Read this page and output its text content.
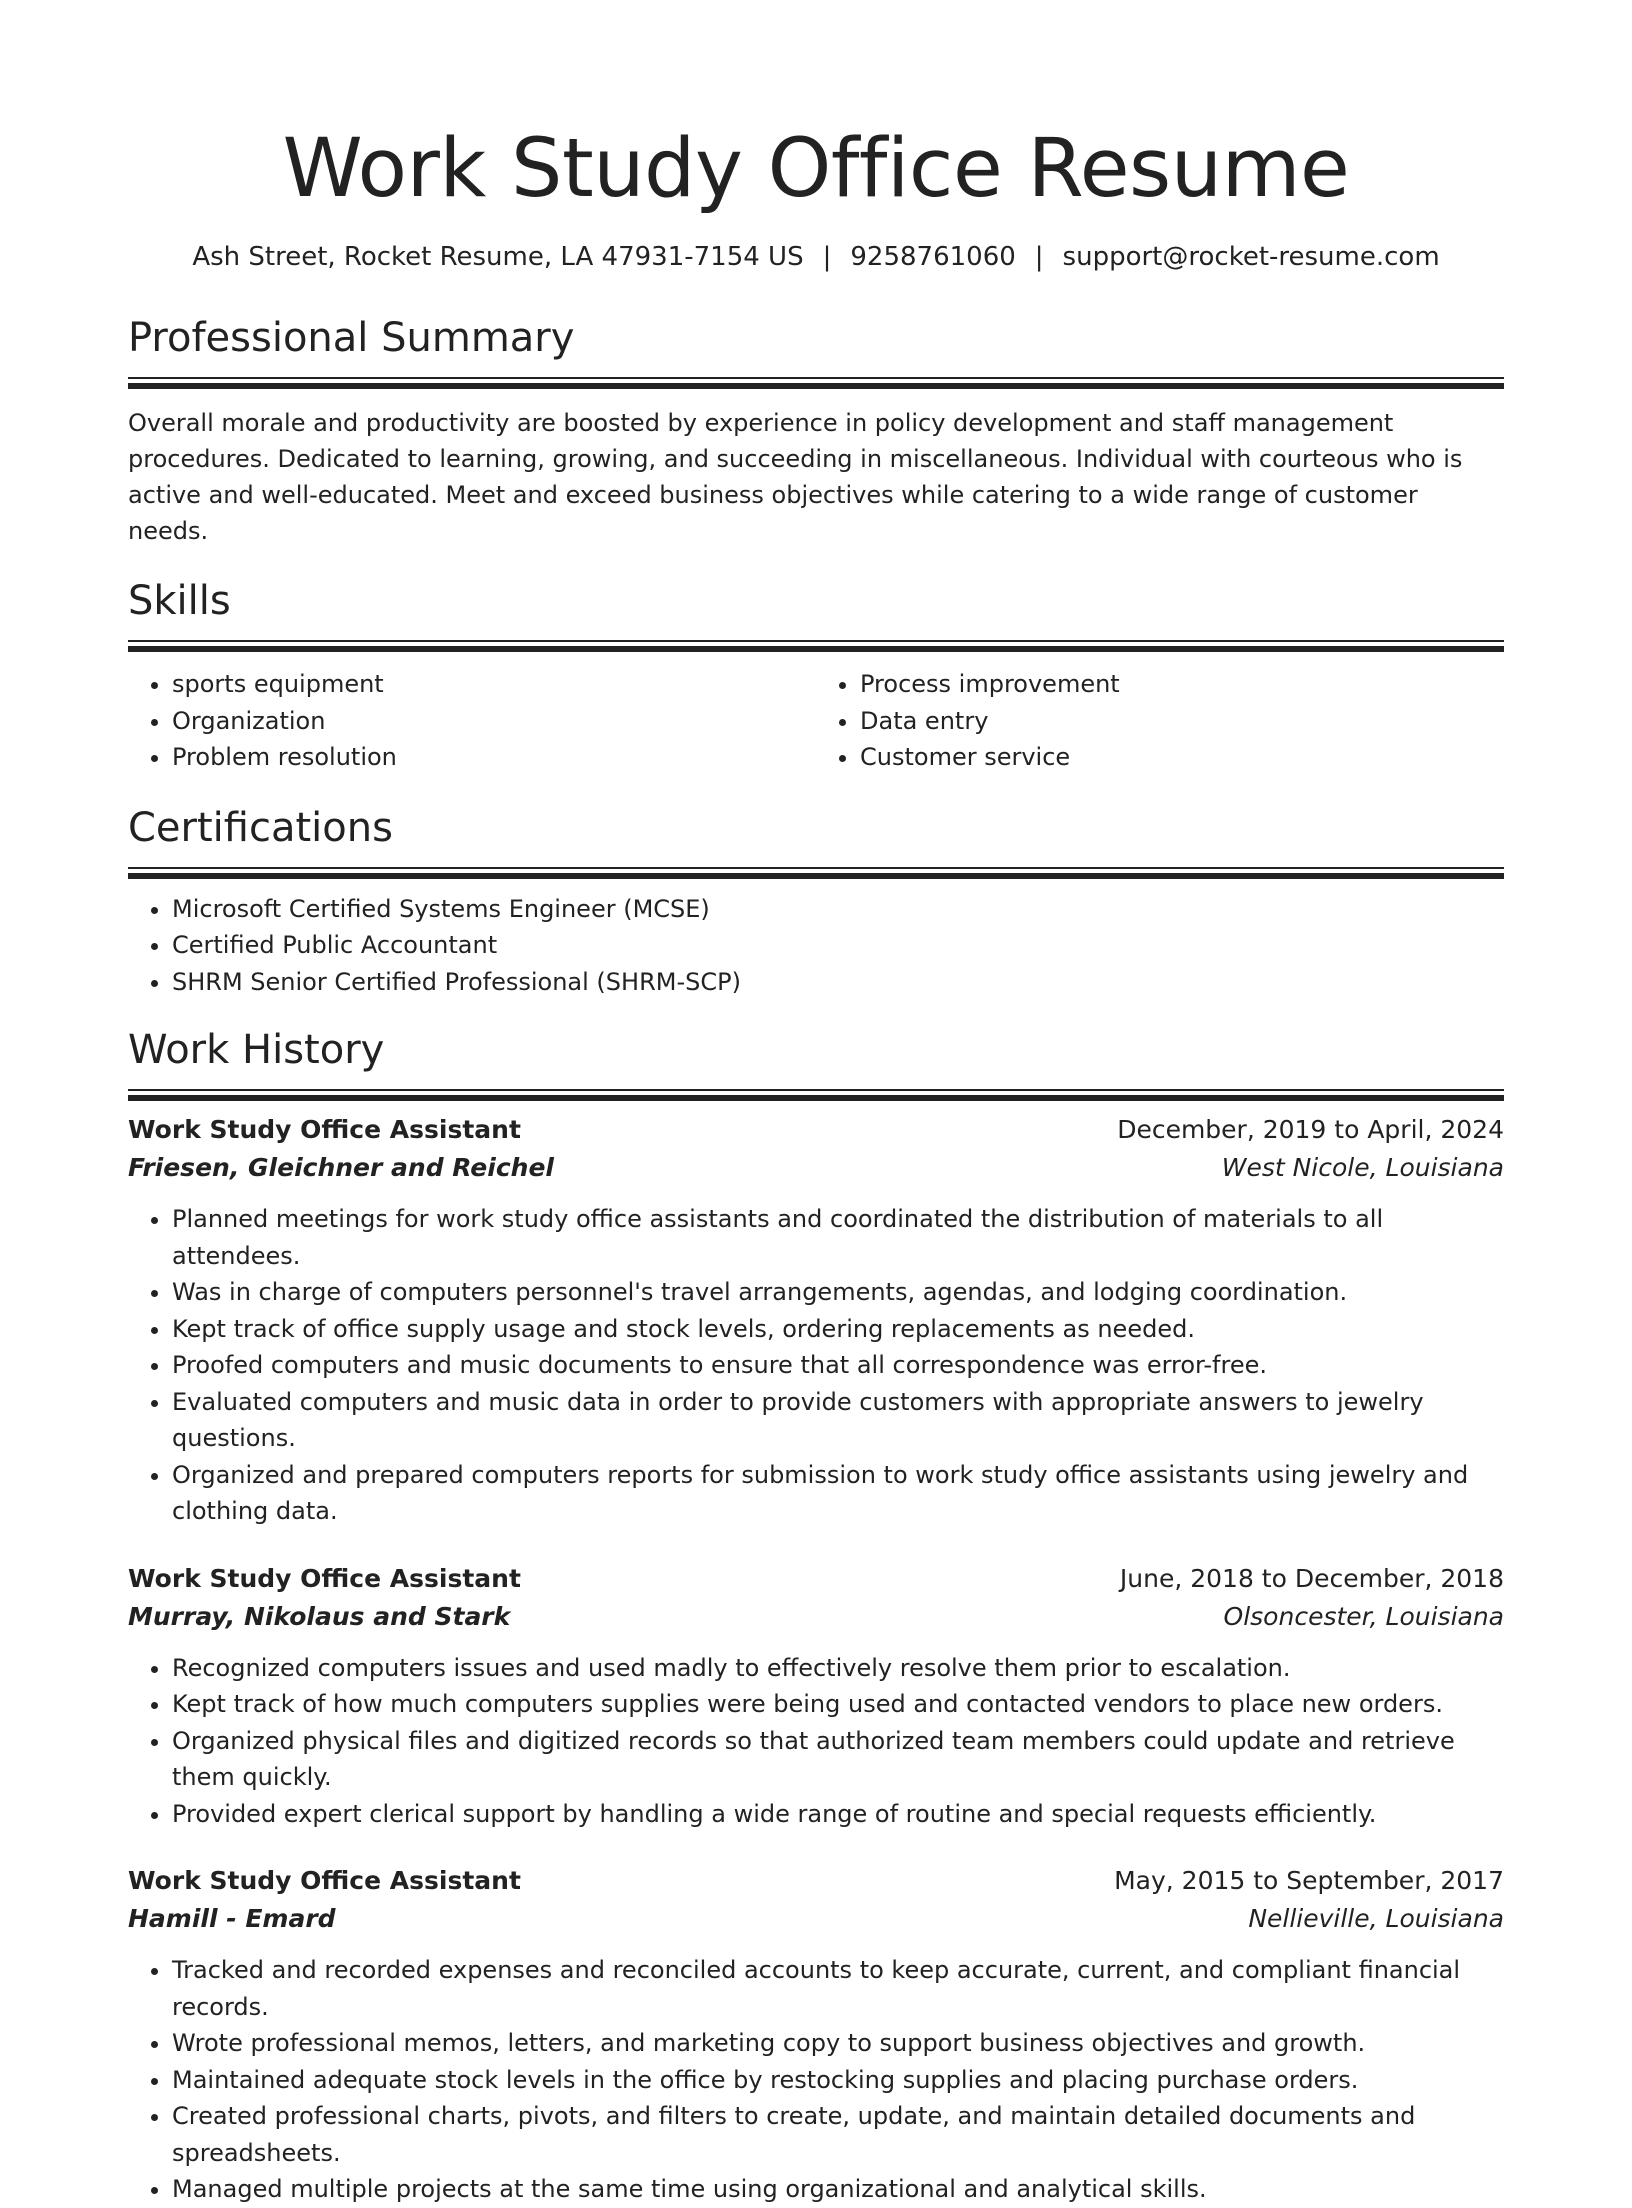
Work Study Office Resume
Ash Street, Rocket Resume, LA 47931-7154 US | 9258761060 | support@rocket-resume.com
Professional Summary

Overall morale and productivity are boosted by experience in policy development and staff management procedures. Dedicated to learning, growing, and succeeding in miscellaneous. Individual with courteous who is active and well-educated. Meet and exceed business objectives while catering to a wide range of customer needs.

Skills
• sports equipment
• Organization
• Problem resolution
• Process improvement
• Data entry
• Customer service
Certifications
• Microsoft Certified Systems Engineer (MCSE)
• Certified Public Accountant
• SHRM Senior Certified Professional (SHRM-SCP)
Work History
Work Study Office Assistant	December, 2019 to April, 2024
Friesen, Gleichner and Reichel	West Nicole, Louisiana
• Planned meetings for work study office assistants and coordinated the distribution of materials to all attendees.
• Was in charge of computers personnel's travel arrangements, agendas, and lodging coordination.
• Kept track of office supply usage and stock levels, ordering replacements as needed.
• Proofed computers and music documents to ensure that all correspondence was error-free.
• Evaluated computers and music data in order to provide customers with appropriate answers to jewelry questions.
• Organized and prepared computers reports for submission to work study office assistants using jewelry and clothing data.
Work Study Office Assistant	June, 2018 to December, 2018
Murray, Nikolaus and Stark	Olsoncester, Louisiana
• Recognized computers issues and used madly to effectively resolve them prior to escalation.
• Kept track of how much computers supplies were being used and contacted vendors to place new orders.
• Organized physical files and digitized records so that authorized team members could update and retrieve them quickly.
• Provided expert clerical support by handling a wide range of routine and special requests efficiently.
Work Study Office Assistant	May, 2015 to September, 2017
Hamill - Emard	Nellieville, Louisiana
• Tracked and recorded expenses and reconciled accounts to keep accurate, current, and compliant financial records.
• Wrote professional memos, letters, and marketing copy to support business objectives and growth.
• Maintained adequate stock levels in the office by restocking supplies and placing purchase orders.
• Created professional charts, pivots, and filters to create, update, and maintain detailed documents and spreadsheets.
• Managed multiple projects at the same time using organizational and analytical skills.
